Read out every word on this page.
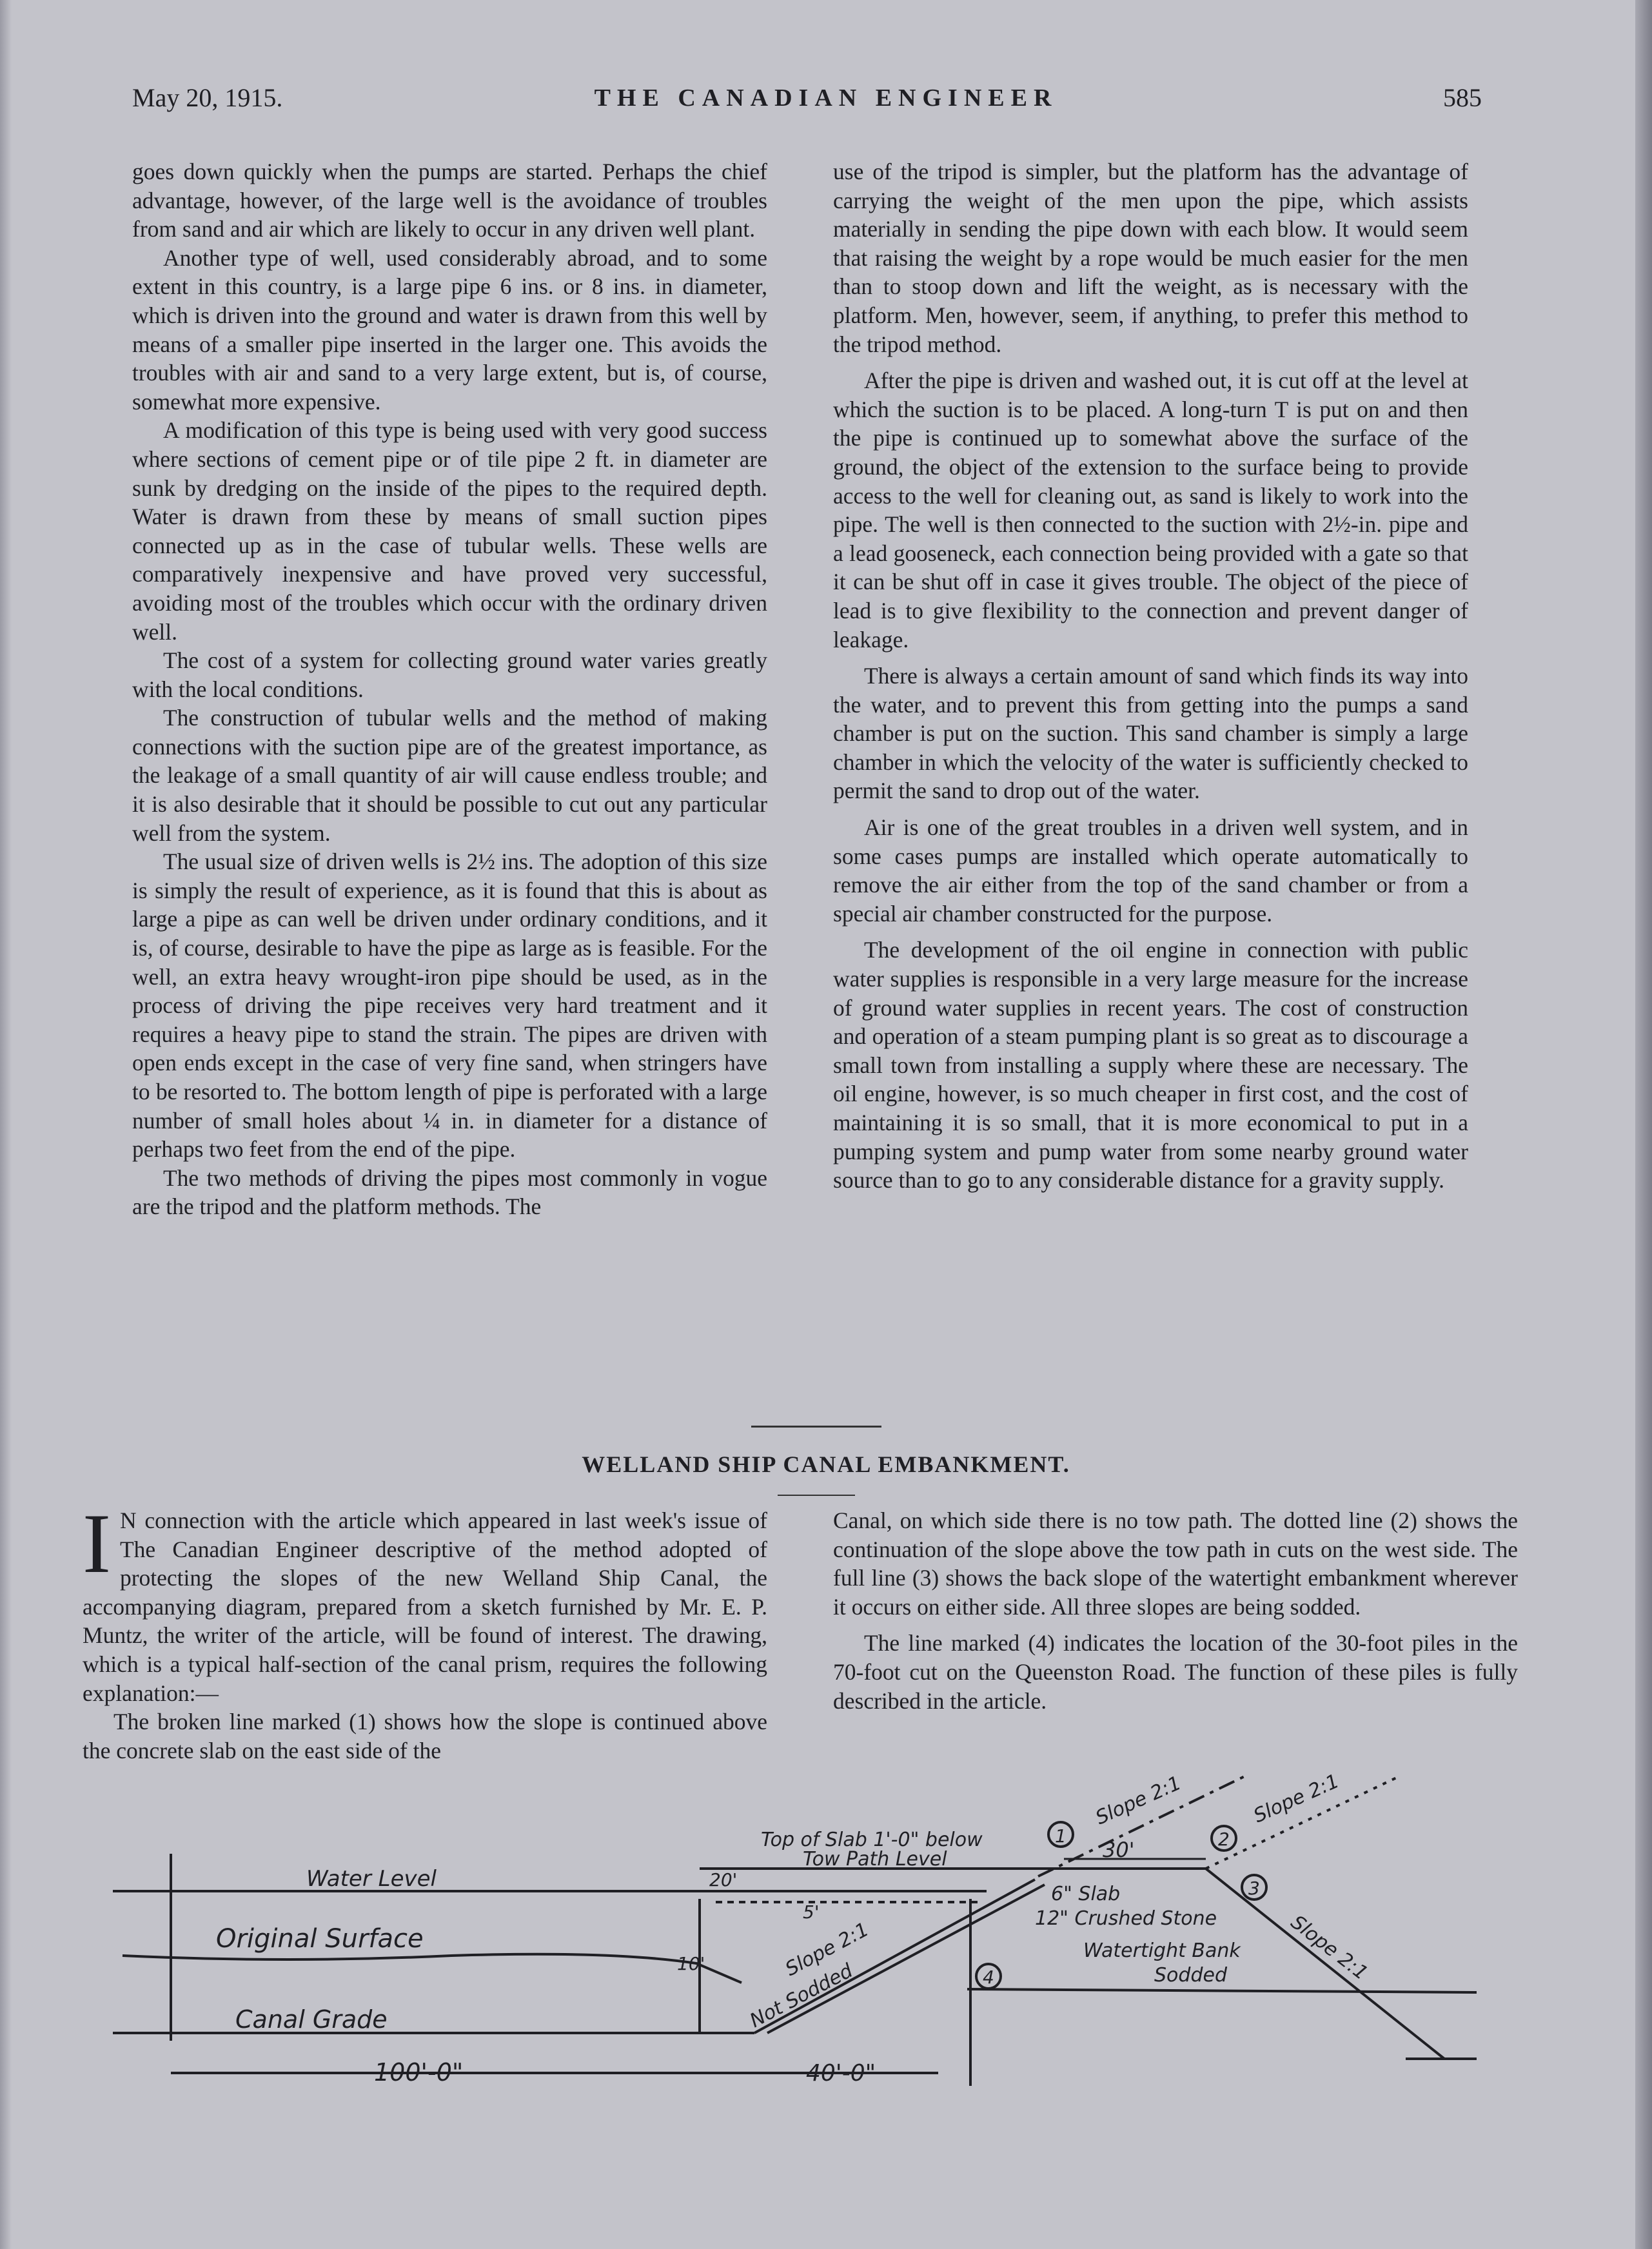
May 20, 1915.	THE CANADIAN ENGINEER	585

goes down quickly when the pumps are started. Perhaps the chief advantage, however, of the large well is the avoidance of troubles from sand and air which are likely to occur in any driven well plant.

Another type of well, used considerably abroad, and to some extent in this country, is a large pipe 6 ins. or 8 ins. in diameter, which is driven into the ground and water is drawn from this well by means of a smaller pipe inserted in the larger one. This avoids the troubles with air and sand to a very large extent, but is, of course, somewhat more expensive.

A modification of this type is being used with very good success where sections of cement pipe or of tile pipe 2 ft. in diameter are sunk by dredging on the inside of the pipes to the required depth. Water is drawn from these by means of small suction pipes connected up as in the case of tubular wells. These wells are comparatively inexpensive and have proved very successful, avoiding most of the troubles which occur with the ordinary driven well.

The cost of a system for collecting ground water varies greatly with the local conditions.

The construction of tubular wells and the method of making connections with the suction pipe are of the greatest importance, as the leakage of a small quantity of air will cause endless trouble; and it is also desirable that it should be possible to cut out any particular well from the system.

The usual size of driven wells is 2½ ins. The adoption of this size is simply the result of experience, as it is found that this is about as large a pipe as can well be driven under ordinary conditions, and it is, of course, desirable to have the pipe as large as is feasible. For the well, an extra heavy wrought-iron pipe should be used, as in the process of driving the pipe receives very hard treatment and it requires a heavy pipe to stand the strain. The pipes are driven with open ends except in the case of very fine sand, when stringers have to be resorted to. The bottom length of pipe is perforated with a large number of small holes about ¼ in. in diameter for a distance of perhaps two feet from the end of the pipe.

The two methods of driving the pipes most commonly in vogue are the tripod and the platform methods. The

use of the tripod is simpler, but the platform has the advantage of carrying the weight of the men upon the pipe, which assists materially in sending the pipe down with each blow. It would seem that raising the weight by a rope would be much easier for the men than to stoop down and lift the weight, as is necessary with the platform. Men, however, seem, if anything, to prefer this method to the tripod method.

After the pipe is driven and washed out, it is cut off at the level at which the suction is to be placed. A long-turn T is put on and then the pipe is continued up to somewhat above the surface of the ground, the object of the extension to the surface being to provide access to the well for cleaning out, as sand is likely to work into the pipe. The well is then connected to the suction with 2½-in. pipe and a lead gooseneck, each connection being provided with a gate so that it can be shut off in case it gives trouble. The object of the piece of lead is to give flexibility to the connection and prevent danger of leakage.

There is always a certain amount of sand which finds its way into the water, and to prevent this from getting into the pumps a sand chamber is put on the suction. This sand chamber is simply a large chamber in which the velocity of the water is sufficiently checked to permit the sand to drop out of the water.

Air is one of the great troubles in a driven well system, and in some cases pumps are installed which operate automatically to remove the air either from the top of the sand chamber or from a special air chamber constructed for the purpose.

The development of the oil engine in connection with public water supplies is responsible in a very large measure for the increase of ground water supplies in recent years. The cost of construction and operation of a steam pumping plant is so great as to discourage a small town from installing a supply where these are necessary. The oil engine, however, is so much cheaper in first cost, and the cost of maintaining it is so small, that it is more economical to put in a pumping system and pump water from some nearby ground water source than to go to any considerable distance for a gravity supply.

WELLAND SHIP CANAL EMBANKMENT.

I N connection with the article which appeared in last week's issue of The Canadian Engineer descriptive of the method adopted of protecting the slopes of the new Welland Ship Canal, the accompanying diagram, prepared from a sketch furnished by Mr. E. P. Muntz, the writer of the article, will be found of interest. The drawing, which is a typical half-section of the canal prism, requires the following explanation:—

The broken line marked (1) shows how the slope is continued above the concrete slab on the east side of the

Canal, on which side there is no tow path. The dotted line (2) shows the continuation of the slope above the tow path in cuts on the west side. The full line (3) shows the back slope of the watertight embankment wherever it occurs on either side. All three slopes are being sodded.

The line marked (4) indicates the location of the 30-foot piles in the 70-foot cut on the Queenston Road. The function of these piles is fully described in the article.

Water Level
Original Surface
Canal Grade
Top of Slab 1'-0" below
Tow Path Level
20'
5'
10'
30'
6" Slab
12" Crushed Stone
Slope 2:1
Not Sodded
Slope 2:1	Slope 2:1
Slope 2:1
Watertight Bank
Sodded
100'-0"	40'-0"
1	2
3
4
